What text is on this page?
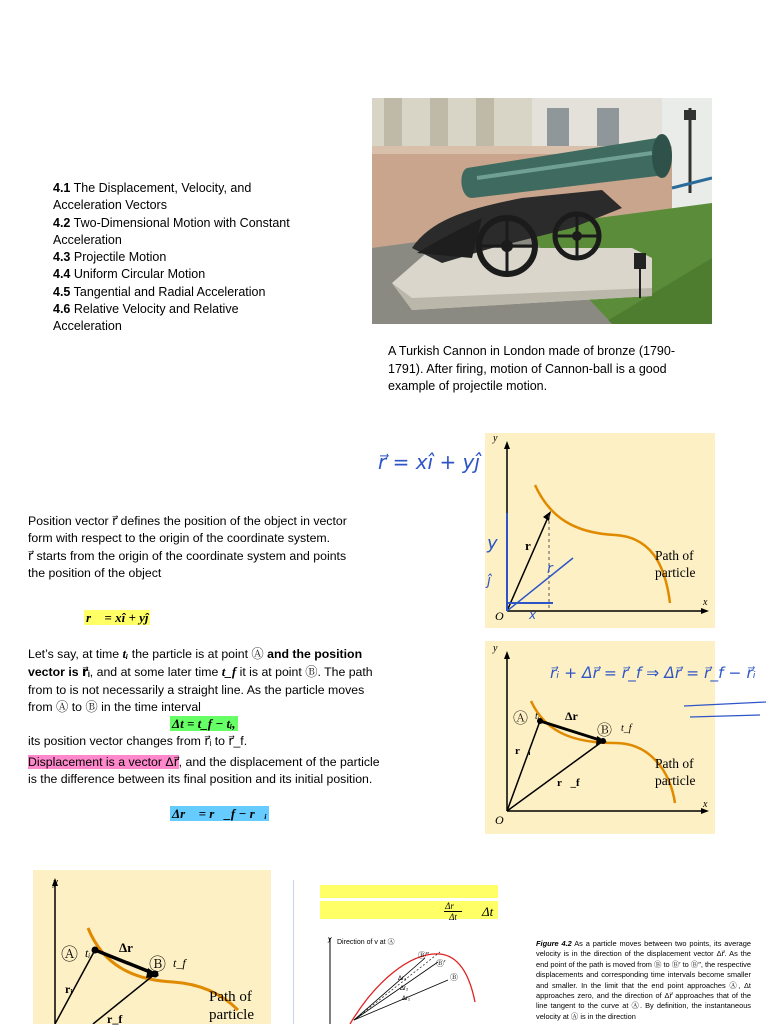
4.1 The Displacement, Velocity, and Acceleration Vectors
4.2 Two-Dimensional Motion with Constant Acceleration
4.3 Projectile Motion
4.4 Uniform Circular Motion
4.5 Tangential and Radial Acceleration
4.6 Relative Velocity and Relative Acceleration
A Turkish Cannon in London made of bronze (1790-1791). After firing, motion of Cannon-ball is a good example of projectile motion.
r⃗ = xî + yĵ
Position vector r⃗ defines the position of the object in vector form with respect to the origin of the coordinate system.
r⃗ starts from the origin of the coordinate system and points the position of the object
r⃗ = xî + yĵ
Let’s say, at time tᵢ the particle is at point Ⓐ and the position vector is r⃗ᵢ, and at some later time t_f it is at point Ⓑ. The path from to is not necessarily a straight line. As the particle moves from Ⓐ to Ⓑ in the time interval
Δt = t_f − tᵢ,
its position vector changes from r⃗ᵢ to r⃗_f.
Displacement is a vector Δr⃗, and the displacement of the particle is the difference between its final position and its initial position.
Δr⃗ = r⃗_f − r⃗ᵢ
y
x
O
r⃗
Path of
particle
y
ĵ
x
r
y
x
O
Ⓐ tᵢ
Ⓑ t_f
Δr⃗
r⃗ᵢ
r⃗_f
Path of
particle
r⃗ᵢ + Δr⃗ = r⃗_f ⇒ Δr⃗ = r⃗_f − r⃗ᵢ
y
Ⓐ tᵢ
Ⓑ t_f
Δr
rᵢ
r_f
Path of
particle
Δr⃗
Δt	Δt
y Direction of v at Ⓐ
Ⓑ″
Ⓑ′
Ⓑ
Δr₃
Δr₂
Δr₁
Figure 4.2 As a particle moves between two points, its average velocity is in the direction of the displacement vector Δr⃗. As the end point of the path is moved from Ⓑ to Ⓑ′ to Ⓑ″, the respective displacements and corresponding time intervals become smaller and smaller. In the limit that the end point approaches Ⓐ, Δt approaches zero, and the direction of Δr⃗ approaches that of the line tangent to the curve at Ⓐ. By definition, the instantaneous velocity at Ⓐ is in the direction
